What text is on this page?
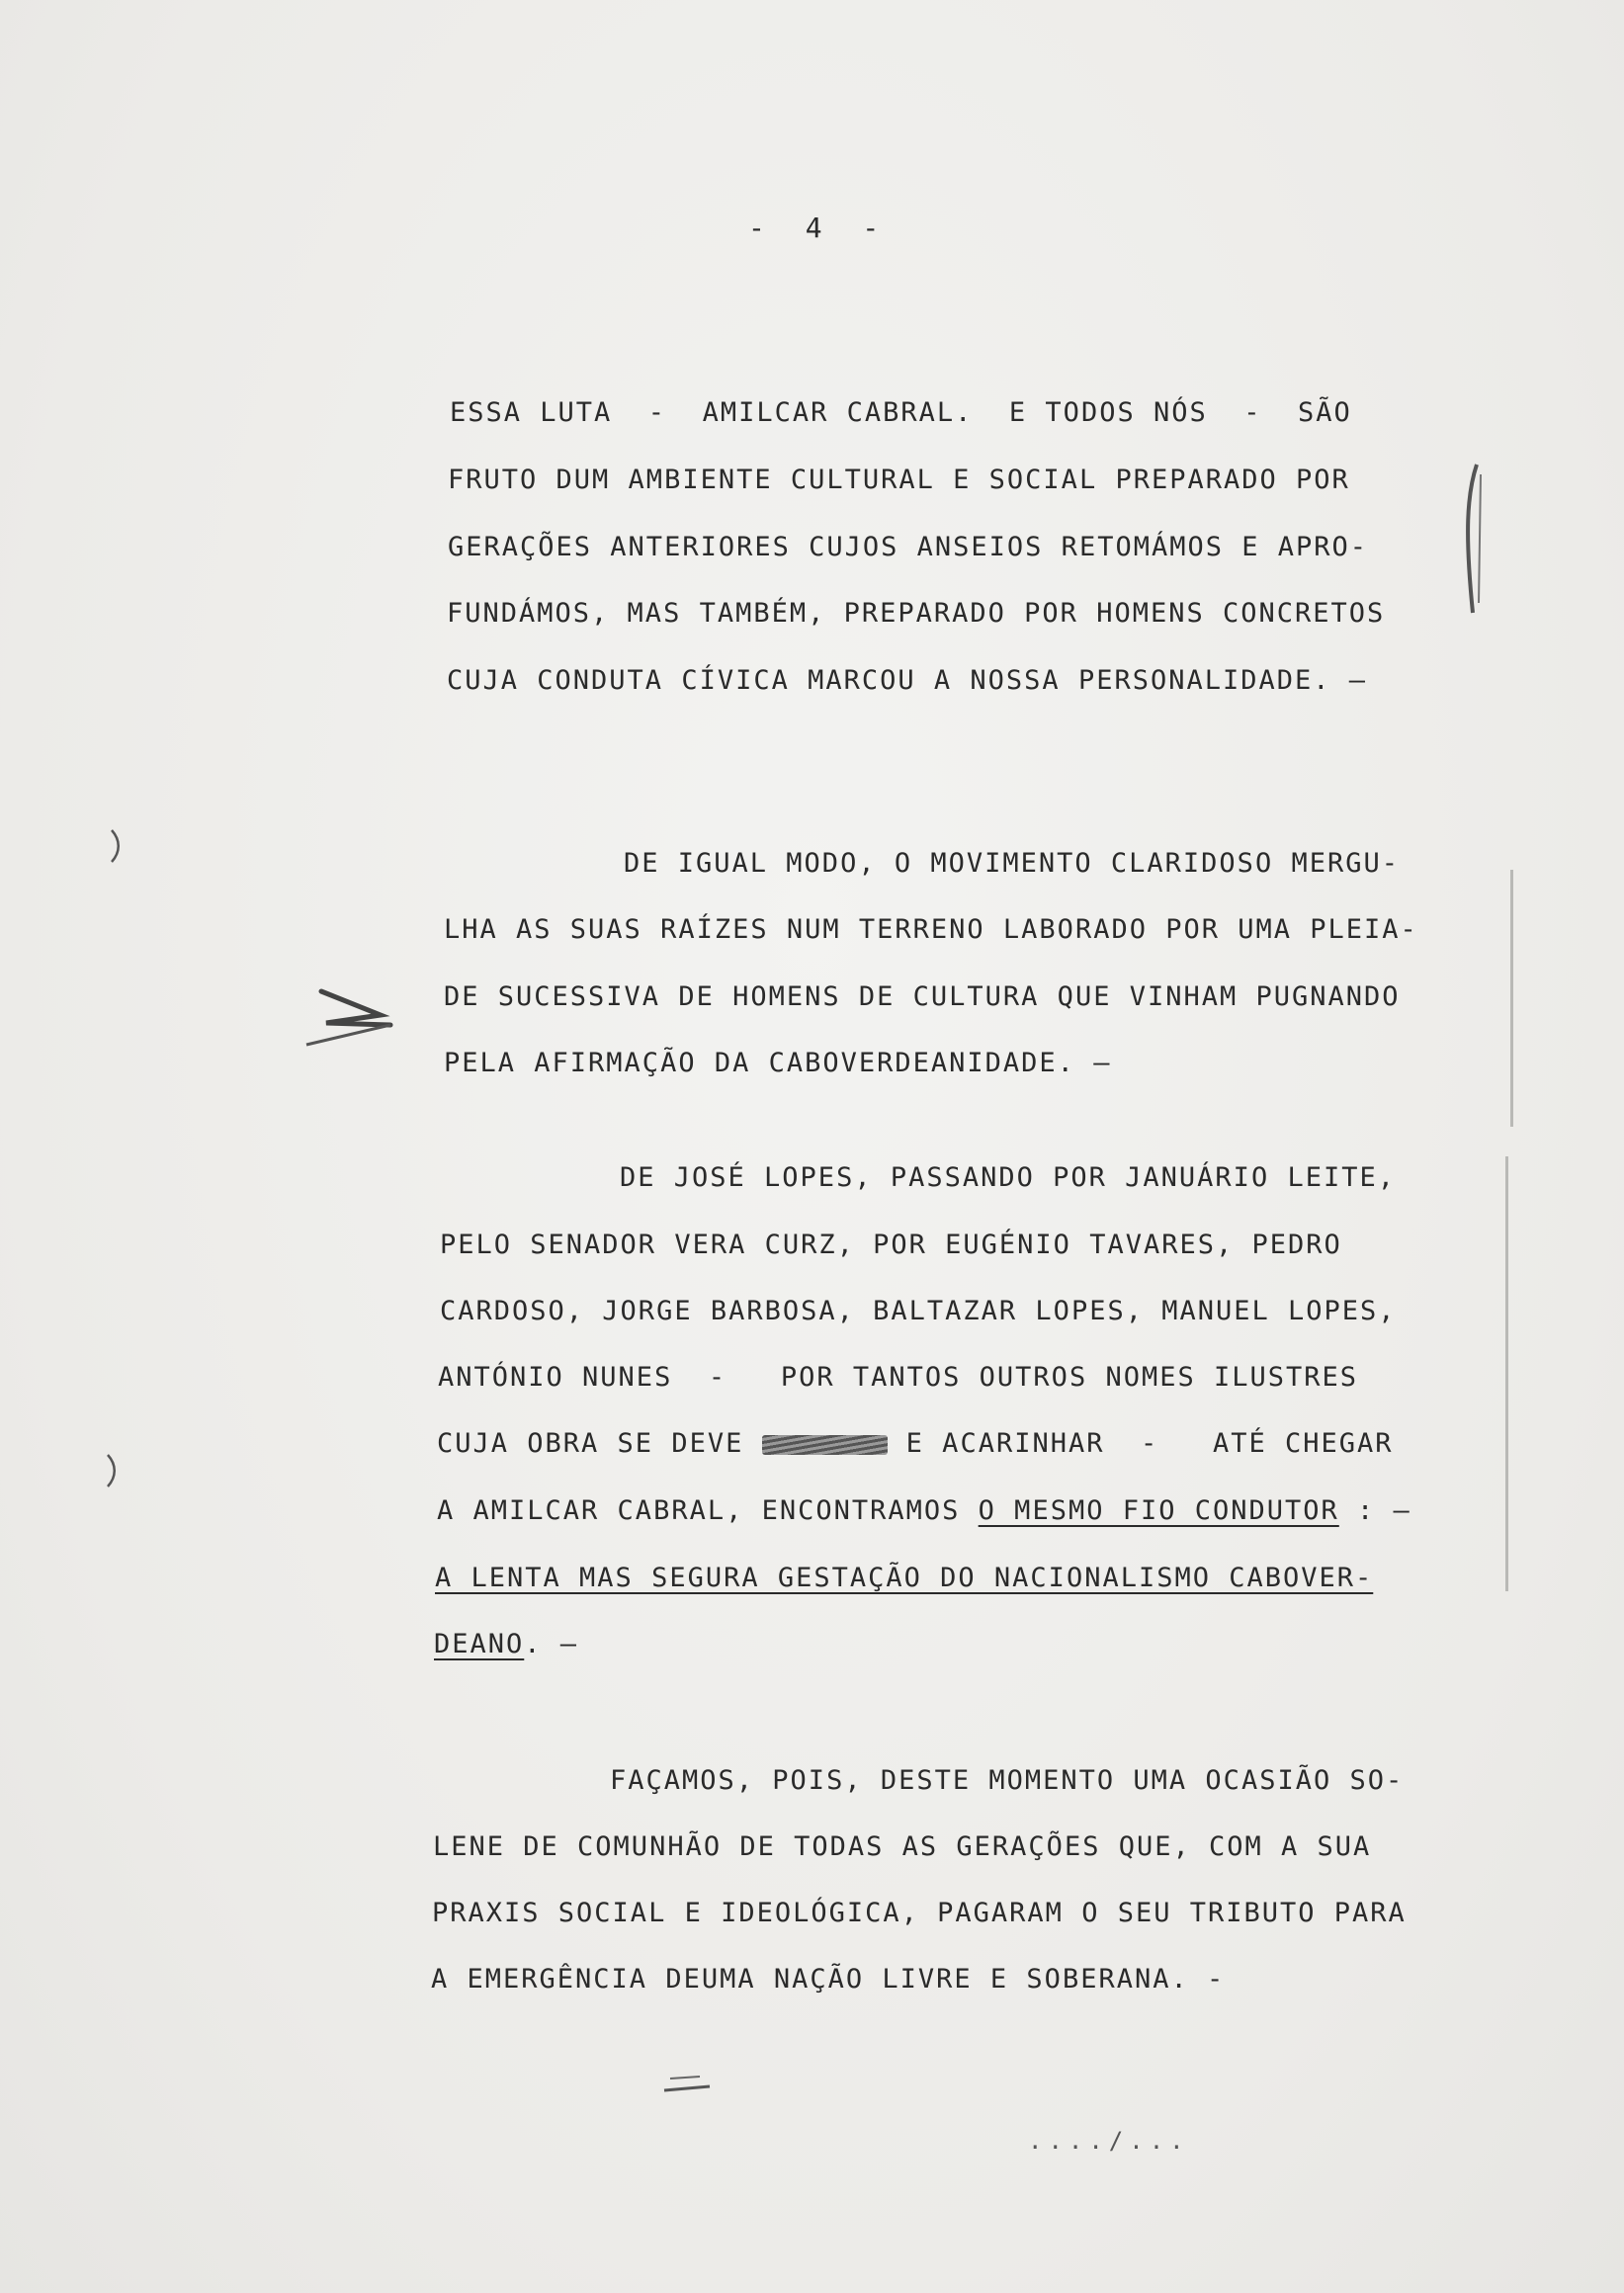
- 4 -
ESSA LUTA  -  AMILCAR CABRAL.  E TODOS NÓS  -  SÃO
FRUTO DUM AMBIENTE CULTURAL E SOCIAL PREPARADO POR
GERAÇÕES ANTERIORES CUJOS ANSEIOS RETOMÁMOS E APRO-
FUNDÁMOS, MAS TAMBÉM, PREPARADO POR HOMENS CONCRETOS
CUJA CONDUTA CÍVICA MARCOU A NOSSA PERSONALIDADE. —
DE IGUAL MODO, O MOVIMENTO CLARIDOSO MERGU-
LHA AS SUAS RAÍZES NUM TERRENO LABORADO POR UMA PLEIA-
DE SUCESSIVA DE HOMENS DE CULTURA QUE VINHAM PUGNANDO
PELA AFIRMAÇÃO DA CABOVERDEANIDADE. —
DE JOSÉ LOPES, PASSANDO POR JANUÁRIO LEITE,
PELO SENADOR VERA CURZ, POR EUGÉNIO TAVARES, PEDRO
CARDOSO, JORGE BARBOSA, BALTAZAR LOPES, MANUEL LOPES,
ANTÓNIO NUNES  -   POR TANTOS OUTROS NOMES ILUSTRES
CUJA OBRA SE DEVE	E ACARINHAR  -   ATÉ CHEGAR
A AMILCAR CABRAL, ENCONTRAMOS O MESMO FIO CONDUTOR : —
A LENTA MAS SEGURA GESTAÇÃO DO NACIONALISMO CABOVER-
DEANO. —
FAÇAMOS, POIS, DESTE MOMENTO UMA OCASIÃO SO-
LENE DE COMUNHÃO DE TODAS AS GERAÇÕES QUE, COM A SUA
PRAXIS SOCIAL E IDEOLÓGICA, PAGARAM O SEU TRIBUTO PARA
A EMERGÊNCIA DEUMA NAÇÃO LIVRE E SOBERANA. -
..../...
